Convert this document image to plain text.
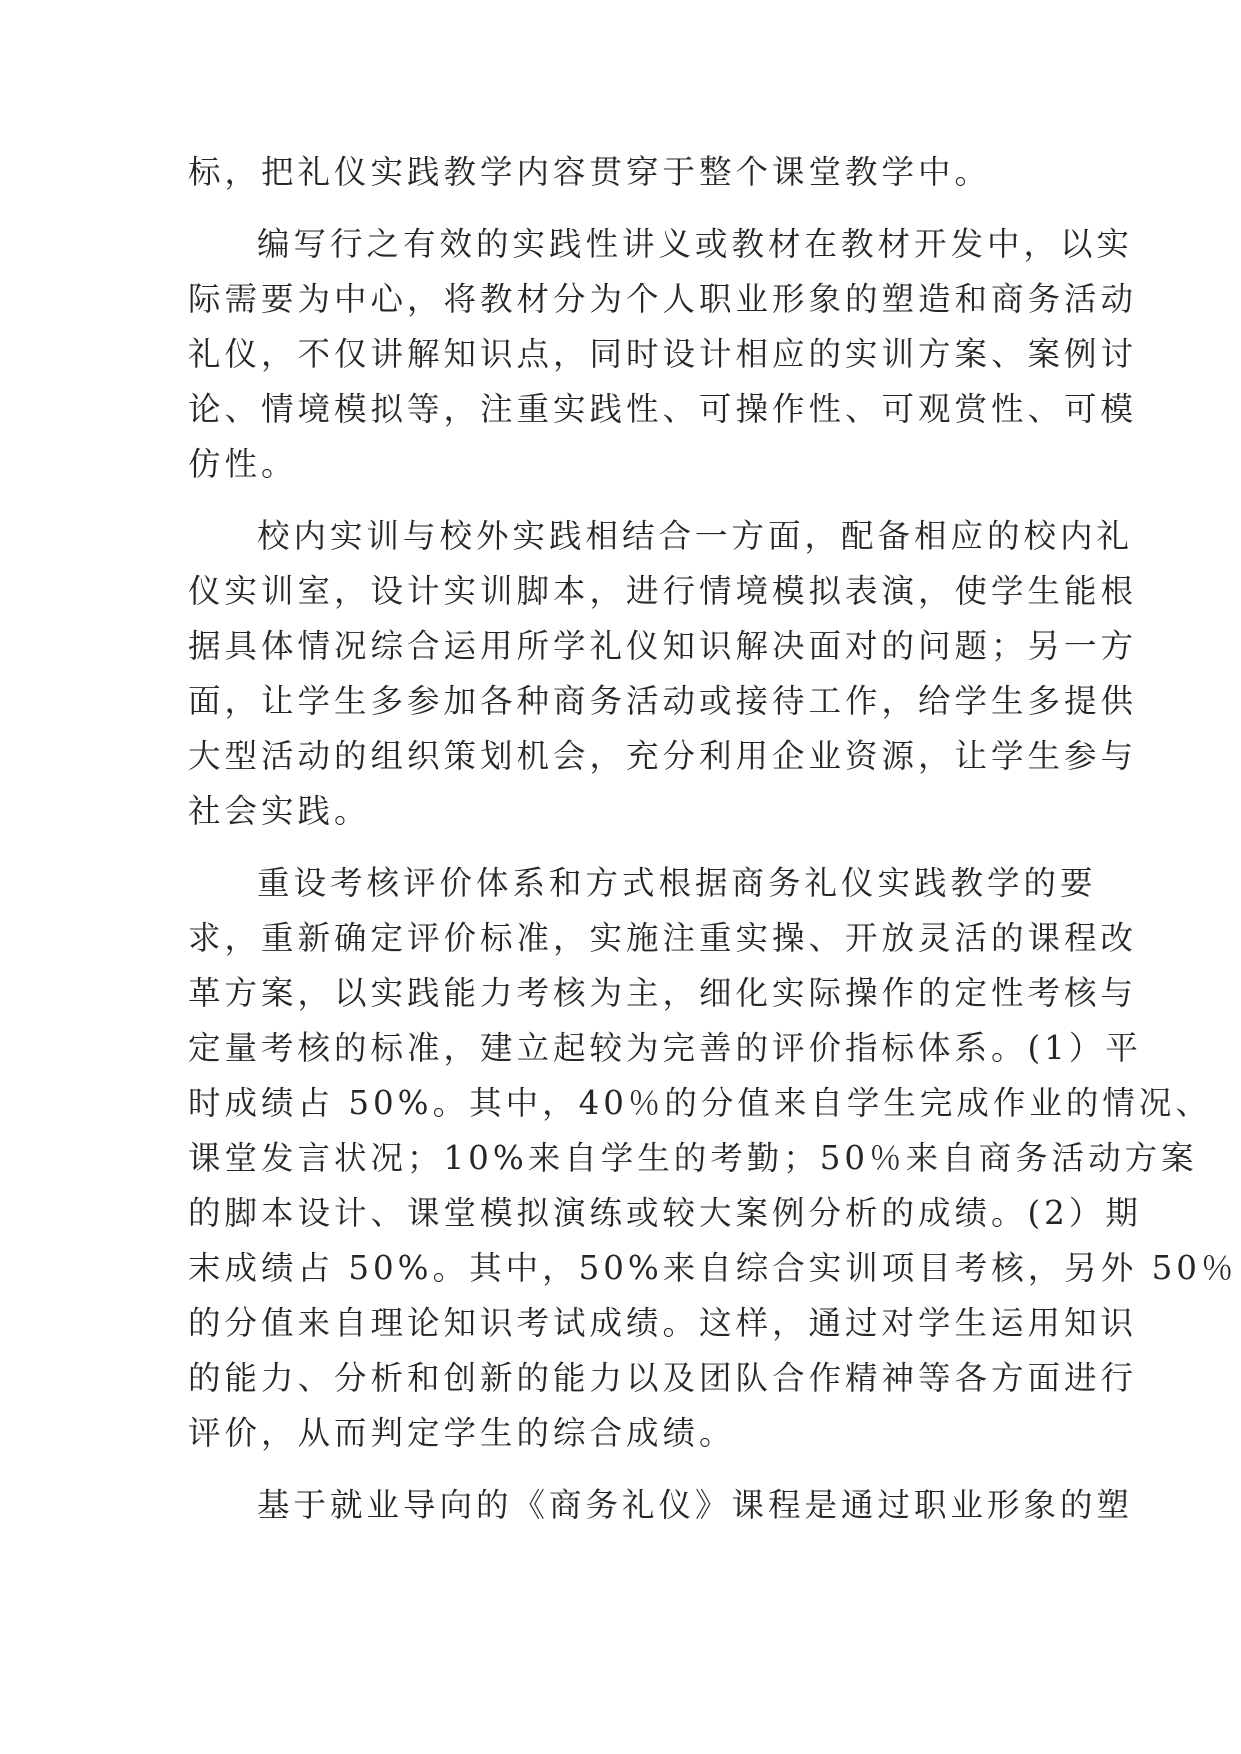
标，把礼仪实践教学内容贯穿于整个课堂教学中。
编写行之有效的实践性讲义或教材在教材开发中，以实
际需要为中心，将教材分为个人职业形象的塑造和商务活动
礼仪，不仅讲解知识点，同时设计相应的实训方案、案例讨
论、情境模拟等，注重实践性、可操作性、可观赏性、可模
仿性。
校内实训与校外实践相结合一方面，配备相应的校内礼
仪实训室，设计实训脚本，进行情境模拟表演，使学生能根
据具体情况综合运用所学礼仪知识解决面对的问题；另一方
面，让学生多参加各种商务活动或接待工作，给学生多提供
大型活动的组织策划机会，充分利用企业资源，让学生参与
社会实践。
重设考核评价体系和方式根据商务礼仪实践教学的要
求，重新确定评价标准，实施注重实操、开放灵活的课程改
革方案，以实践能力考核为主，细化实际操作的定性考核与
定量考核的标准，建立起较为完善的评价指标体系。(1）平
时成绩占 50%。其中，40％的分值来自学生完成作业的情况、
课堂发言状况；10%来自学生的考勤；50％来自商务活动方案
的脚本设计、课堂模拟演练或较大案例分析的成绩。(2）期
末成绩占 50%。其中，50%来自综合实训项目考核，另外 50％
的分值来自理论知识考试成绩。这样，通过对学生运用知识
的能力、分析和创新的能力以及团队合作精神等各方面进行
评价，从而判定学生的综合成绩。
基于就业导向的《商务礼仪》课程是通过职业形象的塑
